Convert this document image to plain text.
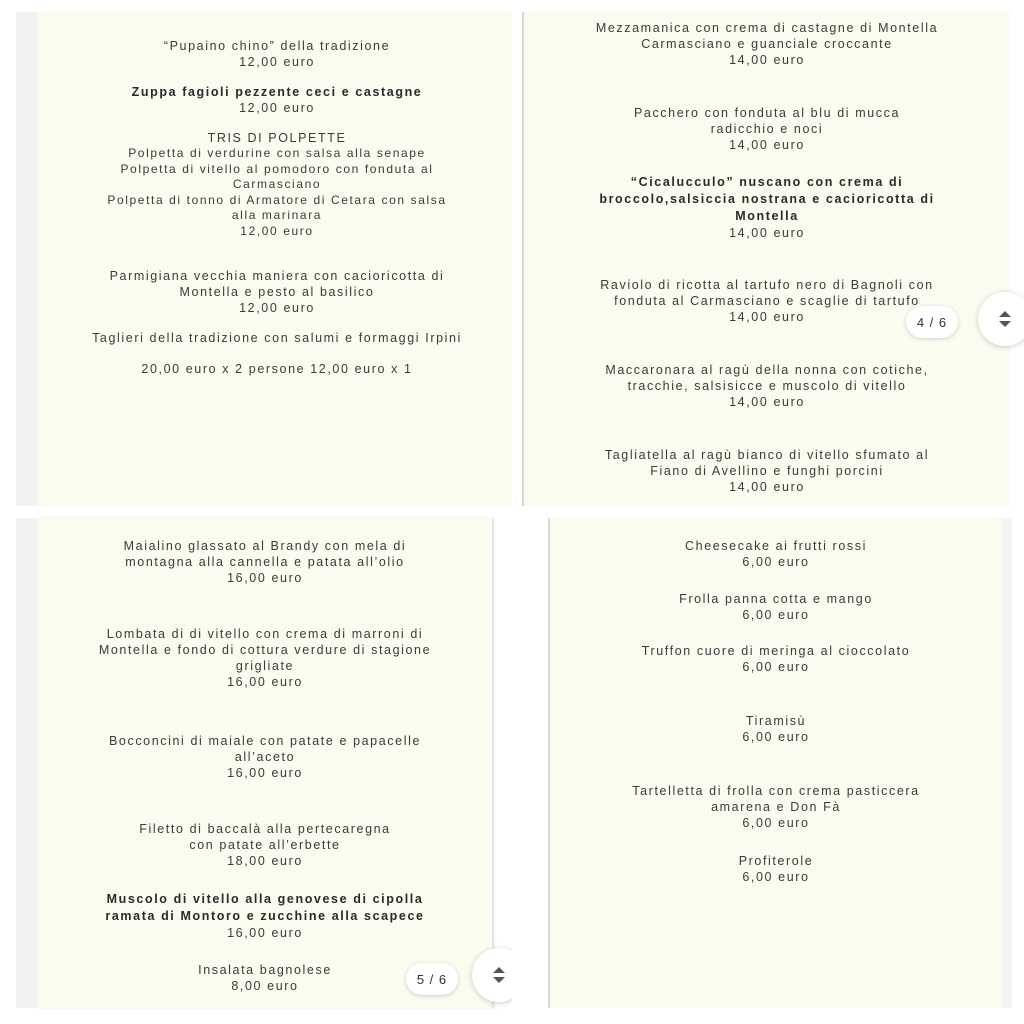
“Pupaino chino” della tradizione
12,00 euro
Zuppa fagioli pezzente ceci e castagne
12,00 euro
TRIS DI POLPETTE
Polpetta di verdurine con salsa alla senape
Polpetta di vitello al pomodoro con fonduta al
Carmasciano
Polpetta di tonno di Armatore di Cetara con salsa
alla marinara
12,00 euro
Parmigiana vecchia maniera con cacioricotta di
Montella e pesto al basilico
12,00 euro
Taglieri della tradizione con salumi e formaggi Irpini
20,00 euro x 2 persone 12,00 euro x 1
Mezzamanica con crema di castagne di Montella
Carmasciano e guanciale croccante
14,00 euro
Pacchero con fonduta al blu di mucca
radicchio e noci
14,00 euro
“Cicalucculo” nuscano con crema di
broccolo,salsiccia nostrana e cacioricotta di
Montella
14,00 euro
Raviolo di ricotta al tartufo nero di Bagnoli con
fonduta al Carmasciano e scaglie di tartufo
14,00 euro
Maccaronara al ragù della nonna con cotiche,
tracchie, salsisicce e muscolo di vitello
14,00 euro
Tagliatella al ragù bianco di vitello sfumato al
Fiano di Avellino e funghi porcini
14,00 euro
4 / 6
Maialino glassato al Brandy con mela di
montagna alla cannella e patata all’olio
16,00 euro
Lombata di di vitello con crema di marroni di
Montella e fondo di cottura verdure di stagione
grigliate
16,00 euro
Bocconcini di maiale con patate e papacelle
all’aceto
16,00 euro
Filetto di baccalà alla pertecaregna
con patate all’erbette
18,00 euro
Muscolo di vitello alla genovese di cipolla
ramata di Montoro e zucchine alla scapece
16,00 euro
Insalata bagnolese
8,00 euro	5 / 6
Cheesecake ai frutti rossi
6,00 euro
Frolla panna cotta e mango
6,00 euro
Truffon cuore di meringa al cioccolato
6,00 euro
Tiramisù
6,00 euro
Tartelletta di frolla con crema pasticcera
amarena e Don Fà
6,00 euro
Profiterole
6,00 euro
